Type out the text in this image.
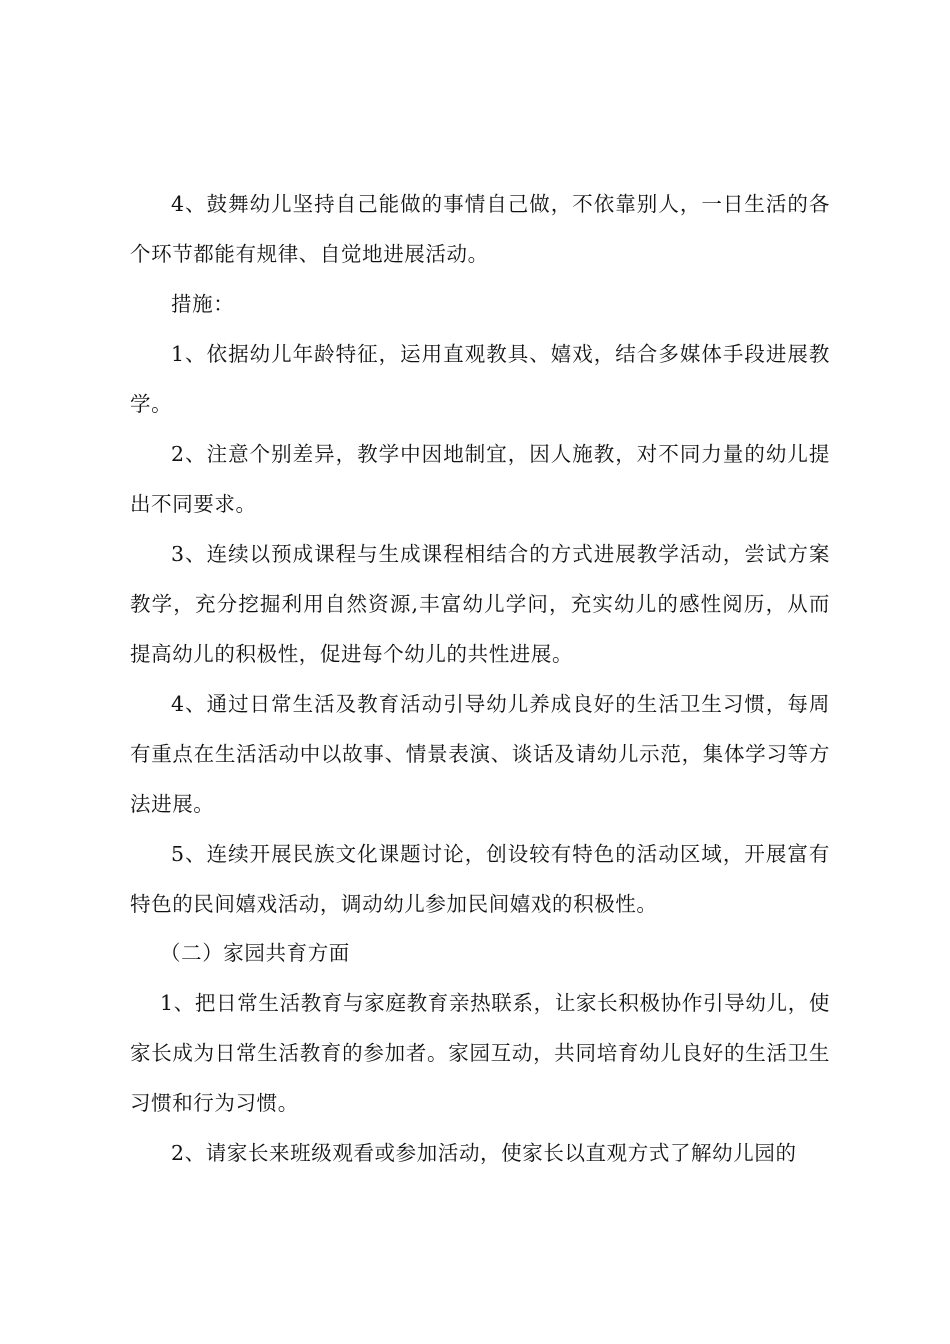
4、鼓舞幼儿坚持自己能做的事情自己做，不依靠别人，一日生活的各个环节都能有规律、自觉地进展活动。

措施：

1、依据幼儿年龄特征，运用直观教具、嬉戏，结合多媒体手段进展教学。

2、注意个别差异，教学中因地制宜，因人施教，对不同力量的幼儿提出不同要求。

3、连续以预成课程与生成课程相结合的方式进展教学活动，尝试方案教学，充分挖掘利用自然资源,丰富幼儿学问，充实幼儿的感性阅历，从而提高幼儿的积极性，促进每个幼儿的共性进展。

4、通过日常生活及教育活动引导幼儿养成良好的生活卫生习惯，每周有重点在生活活动中以故事、情景表演、谈话及请幼儿示范，集体学习等方法进展。

5、连续开展民族文化课题讨论，创设较有特色的活动区域，开展富有特色的民间嬉戏活动，调动幼儿参加民间嬉戏的积极性。

（二）家园共育方面

1、把日常生活教育与家庭教育亲热联系，让家长积极协作引导幼儿，使家长成为日常生活教育的参加者。家园互动，共同培育幼儿良好的生活卫生习惯和行为习惯。

2、请家长来班级观看或参加活动，使家长以直观方式了解幼儿园的
